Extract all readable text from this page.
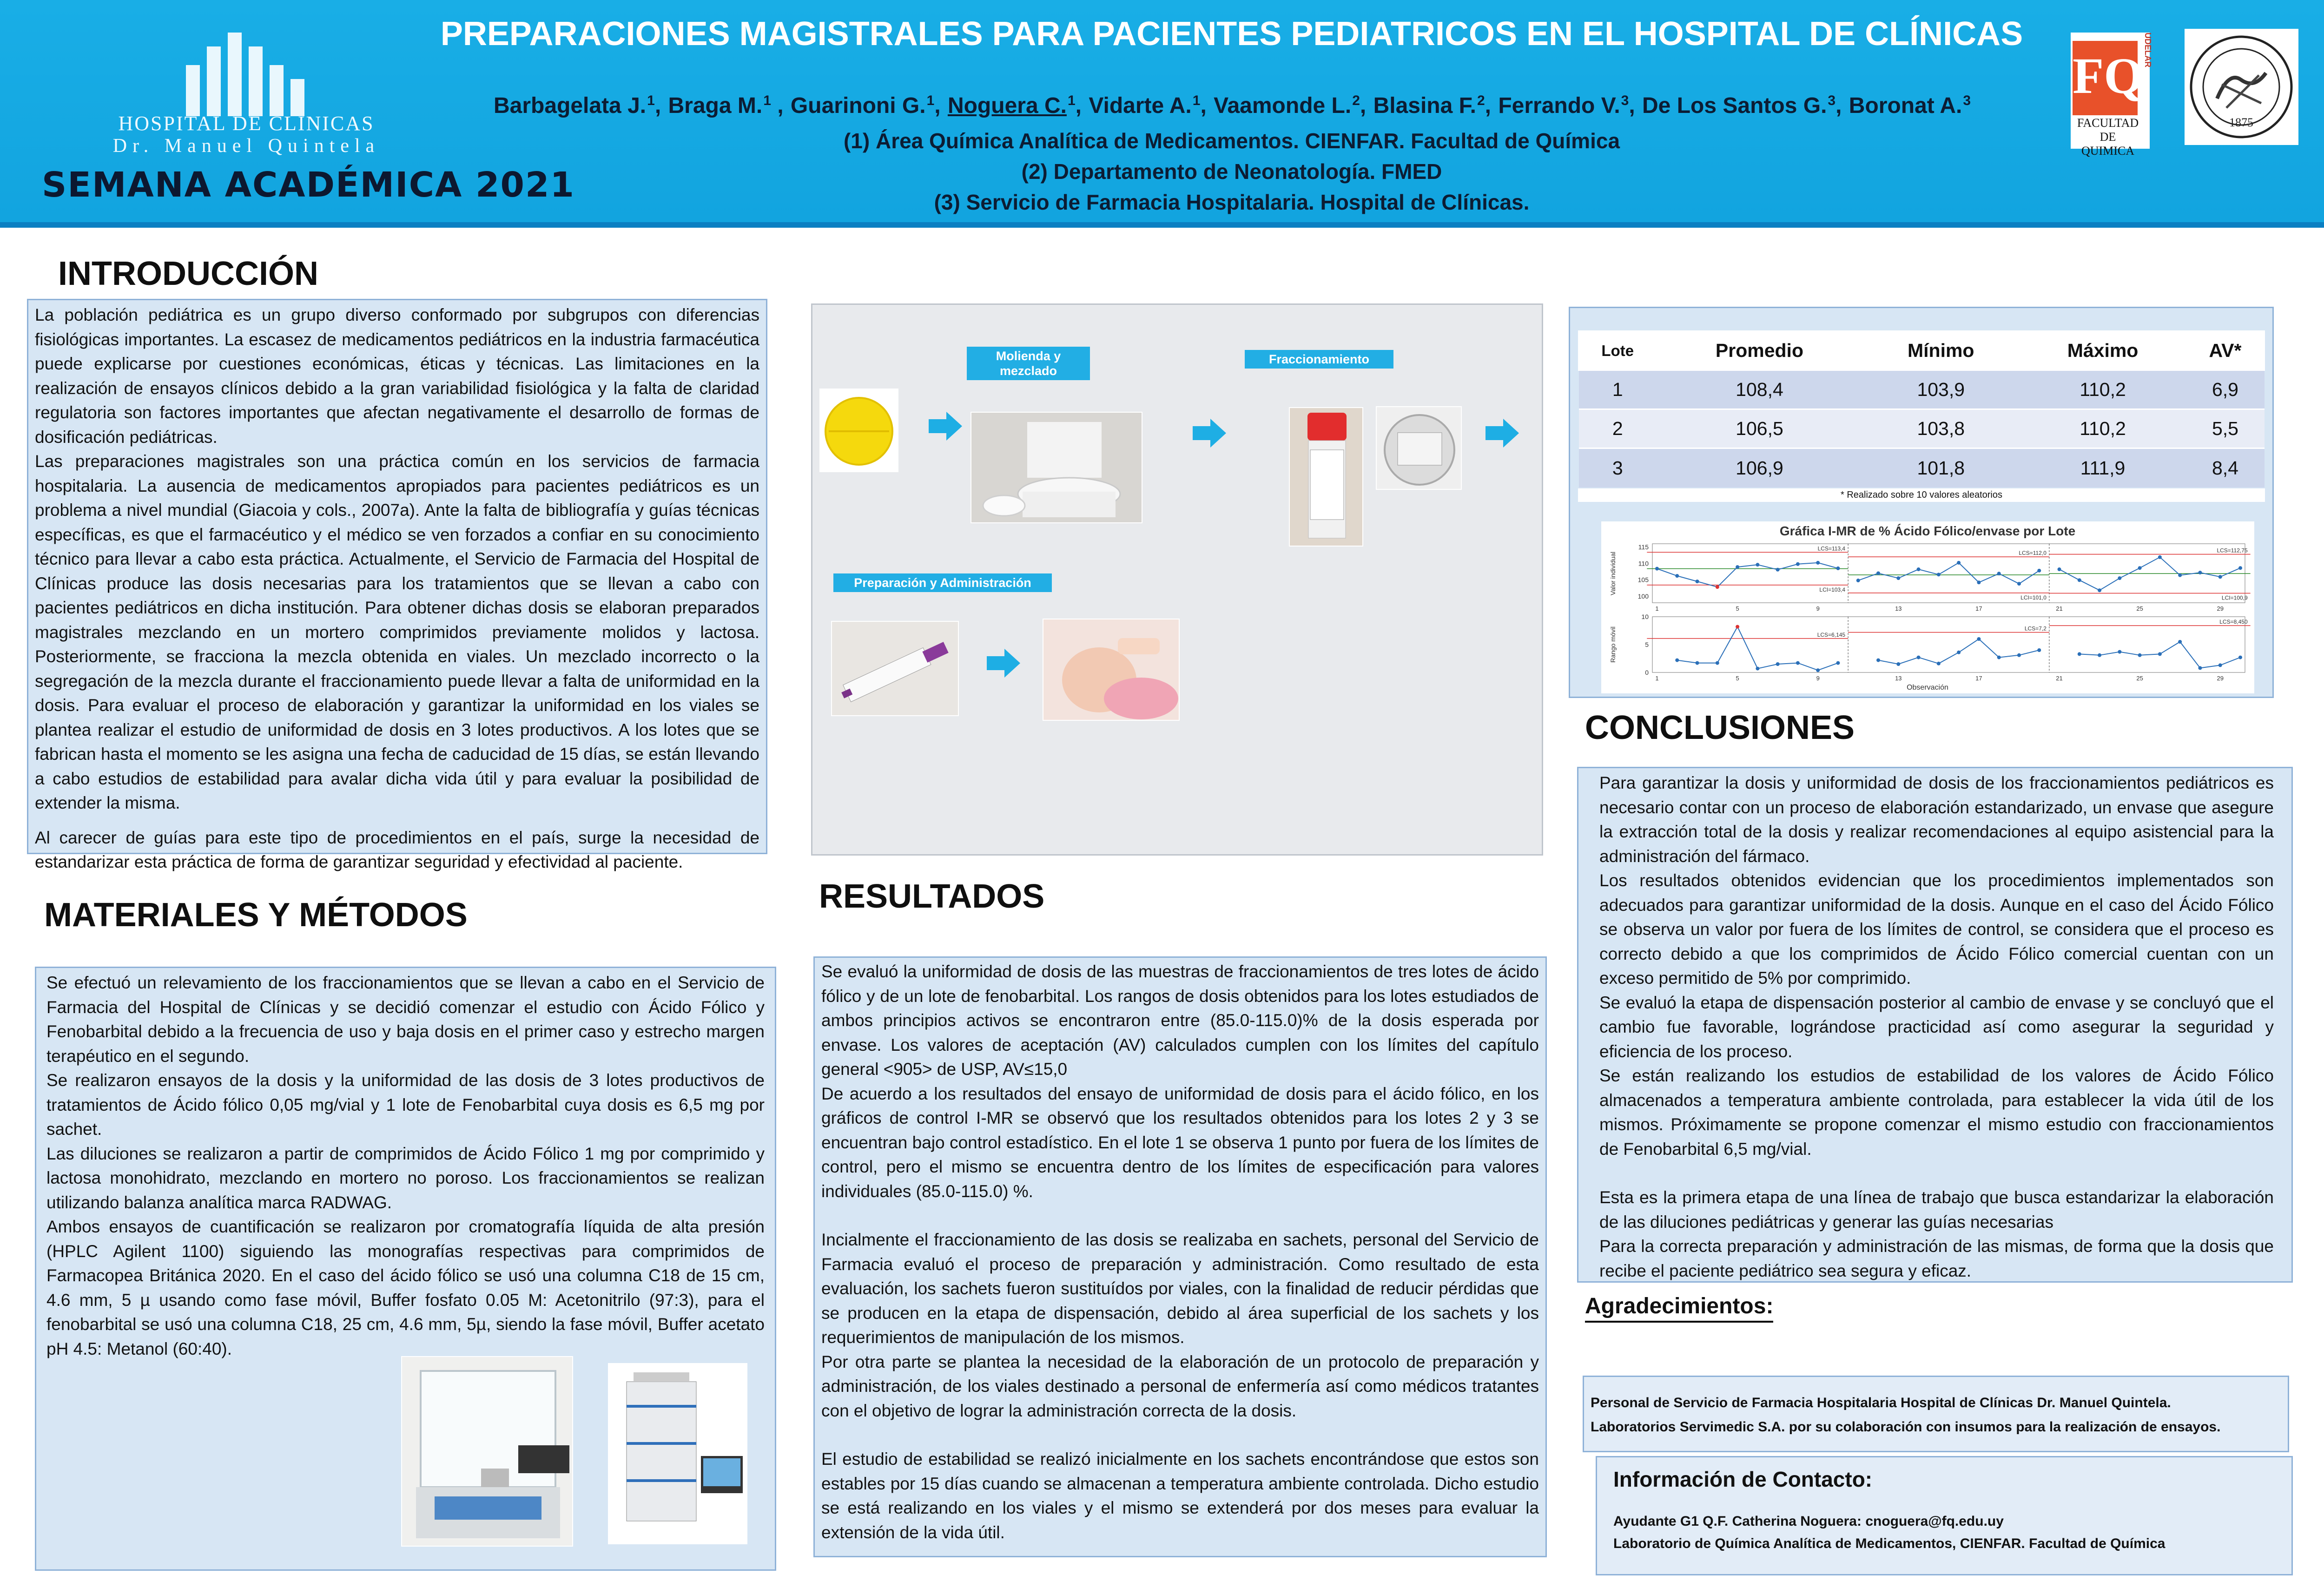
HOSPITAL DE CLINICAS
Dr. Manuel Quintela
SEMANA ACADÉMICA 2021
PREPARACIONES MAGISTRALES PARA PACIENTES PEDIATRICOS EN EL HOSPITAL DE CLÍNICAS
Barbagelata J.$^1$, Braga M.$^1$ , Guarinoni G.$^1$, Noguera C.$^1$, Vidarte A.$^1$, Vaamonde L.$^2$, Blasina F.$^2$, Ferrando V.$^3$, De Los Santos G.$^3$, Boronat A.$^3$
(1) Área Química Analítica de Medicamentos. CIENFAR. Facultad de Química
(2) Departamento de Neonatología. FMED
(3) Servicio de Farmacia Hospitalaria. Hospital de Clínicas.
UDELAR
FQ
FACULTAD DE
QUIMICA
1875
INTRODUCCIÓN

La población pediátrica es un grupo diverso conformado por subgrupos con diferencias fisiológicas importantes. La escasez de medicamentos pediátricos en la industria farmacéutica puede explicarse por cuestiones económicas, éticas y técnicas. Las limitaciones en la realización de ensayos clínicos debido a la gran variabilidad fisiológica y la falta de claridad regulatoria son factores importantes que afectan negativamente el desarrollo de formas de dosificación pediátricas.

Las preparaciones magistrales son una práctica común en los servicios de farmacia hospitalaria. La ausencia de medicamentos apropiados para pacientes pediátricos es un problema a nivel mundial (Giacoia y cols., 2007a). Ante la falta de bibliografía y guías técnicas específicas, es que el farmacéutico y el médico se ven forzados a confiar en su conocimiento técnico para llevar a cabo esta práctica. Actualmente, el Servicio de Farmacia del Hospital de Clínicas produce las dosis necesarias para los tratamientos que se llevan a cabo con pacientes pediátricos en dicha institución. Para obtener dichas dosis se elaboran preparados magistrales mezclando en un mortero comprimidos previamente molidos y lactosa. Posteriormente, se fracciona la mezcla obtenida en viales. Un mezclado incorrecto o la segregación de la mezcla durante el fraccionamiento puede llevar a falta de uniformidad en la dosis. Para evaluar el proceso de elaboración y garantizar la uniformidad en los viales se plantea realizar el estudio de uniformidad de dosis en 3 lotes productivos. A los lotes que se fabrican hasta el momento se les asigna una fecha de caducidad de 15 días, se están llevando a cabo estudios de estabilidad para avalar dicha vida útil y para evaluar la posibilidad de extender la misma.

Al carecer de guías para este tipo de procedimientos en el país, surge la necesidad de estandarizar esta práctica de forma de garantizar seguridad y efectividad al paciente.

Molienda y mezclado
Fraccionamiento
Preparación y Administración
MATERIALES Y MÉTODOS

Se efectuó un relevamiento de los fraccionamientos que se llevan a cabo en el Servicio de Farmacia del Hospital de Clínicas y se decidió comenzar el estudio con Ácido Fólico y Fenobarbital debido a la frecuencia de uso y baja dosis en el primer caso y estrecho margen terapéutico en el segundo.

Se realizaron ensayos de la dosis y la uniformidad de las dosis de 3 lotes productivos de tratamientos de Ácido fólico 0,05 mg/vial y 1 lote de Fenobarbital cuya dosis es 6,5 mg por sachet.

Las diluciones se realizaron a partir de comprimidos de Ácido Fólico 1 mg por comprimido y lactosa monohidrato, mezclando en mortero no poroso. Los fraccionamientos se realizan utilizando balanza analítica marca RADWAG.

Ambos ensayos de cuantificación se realizaron por cromatografía líquida de alta presión (HPLC Agilent 1100) siguiendo las monografías respectivas para comprimidos de Farmacopea Británica 2020. En el caso del ácido fólico se usó una columna C18 de 15 cm, 4.6 mm, 5 µ usando como fase móvil, Buffer fosfato 0.05 M: Acetonitrilo (97:3), para el fenobarbital se usó una columna C18, 25 cm, 4.6 mm, 5µ, siendo la fase móvil, Buffer acetato pH 4.5: Metanol (60:40).

RESULTADOS

Se evaluó la uniformidad de dosis de las muestras de fraccionamientos de tres lotes de ácido fólico y de un lote de fenobarbital. Los rangos de dosis obtenidos para los lotes estudiados de ambos principios activos se encontraron entre (85.0-115.0)% de la dosis esperada por envase. Los valores de aceptación (AV) calculados cumplen con los límites del capítulo general <905> de USP, AV≤15,0

De acuerdo a los resultados del ensayo de uniformidad de dosis para el ácido fólico, en los gráficos de control I-MR se observó que los resultados obtenidos para los lotes 2 y 3 se encuentran bajo control estadístico. En el lote 1 se observa 1 punto por fuera de los límites de control, pero el mismo se encuentra dentro de los límites de especificación para valores individuales (85.0-115.0) %.

Incialmente el fraccionamiento de las dosis se realizaba en sachets, personal del Servicio de Farmacia evaluó el proceso de preparación y administración. Como resultado de esta evaluación, los sachets fueron sustituídos por viales, con la finalidad de reducir pérdidas que se producen en la etapa de dispensación, debido al área superficial de los sachets y los requerimientos de manipulación de los mismos.

Por otra parte se plantea la necesidad de la elaboración de un protocolo de preparación y administración, de los viales destinado a personal de enfermería así como médicos tratantes con el objetivo de lograr la administración correcta de la dosis.

El estudio de estabilidad se realizó inicialmente en los sachets encontrándose que estos son estables por 15 días cuando se almacenan a temperatura ambiente controlada. Dicho estudio se está realizando en los viales y el mismo se extenderá por dos meses para evaluar la extensión de la vida útil.

Lote	Promedio	Mínimo	Máximo	AV*
1	108,4	103,9	110,2	6,9
2	106,5	103,8	110,2	5,5
3	106,9	101,8	111,9	8,4
* Realizado sobre 10 valores aleatorios
Gráfica I-MR de % Ácido Fólico/envase por Lote
Valor individual
Rango móvil
Observación
115
110
105
100
10
5
0
1
1
5
5
9
9
13
13
17
17
21
21
25
25
29
29
LCS=113,4
LCI=103,4
LCS=6,145
LCS=112,0
LCI=101,0
LCS=7,2
LCS=112,75
LCI=100,9
LCS=8,450
CONCLUSIONES

Para garantizar la dosis y uniformidad de dosis de los fraccionamientos pediátricos es necesario contar con un proceso de elaboración estandarizado, un envase que asegure la extracción total de la dosis y realizar recomendaciones al equipo asistencial para la administración del fármaco.

Los resultados obtenidos evidencian que los procedimientos implementados son adecuados para garantizar uniformidad de la dosis. Aunque en el caso del Ácido Fólico se observa un valor por fuera de los límites de control, se considera que el proceso es correcto debido a que los comprimidos de Ácido Fólico comercial cuentan con un exceso permitido de 5% por comprimido.

Se evaluó la etapa de dispensación posterior al cambio de envase y se concluyó que el cambio fue favorable, lográndose practicidad así como asegurar la seguridad y eficiencia de los proceso.

Se están realizando los estudios de estabilidad de los valores de Ácido Fólico almacenados a temperatura ambiente controlada, para establecer la vida útil de los mismos. Próximamente se propone comenzar el mismo estudio con fraccionamientos de Fenobarbital 6,5 mg/vial.

Esta es la primera etapa de una línea de trabajo que busca estandarizar la elaboración de las diluciones pediátricas y generar las guías necesarias

Para la correcta preparación y administración de las mismas, de forma que la dosis que recibe el paciente pediátrico sea segura y eficaz.

Agradecimientos:
Personal de Servicio de Farmacia Hospitalaria Hospital de Clínicas Dr. Manuel Quintela.
Laboratorios Servimedic S.A. por su colaboración con insumos para la realización de ensayos.
Información de Contacto:
Ayudante G1 Q.F. Catherina Noguera: cnoguera@fq.edu.uy
Laboratorio de Química Analítica de Medicamentos, CIENFAR. Facultad de Química
